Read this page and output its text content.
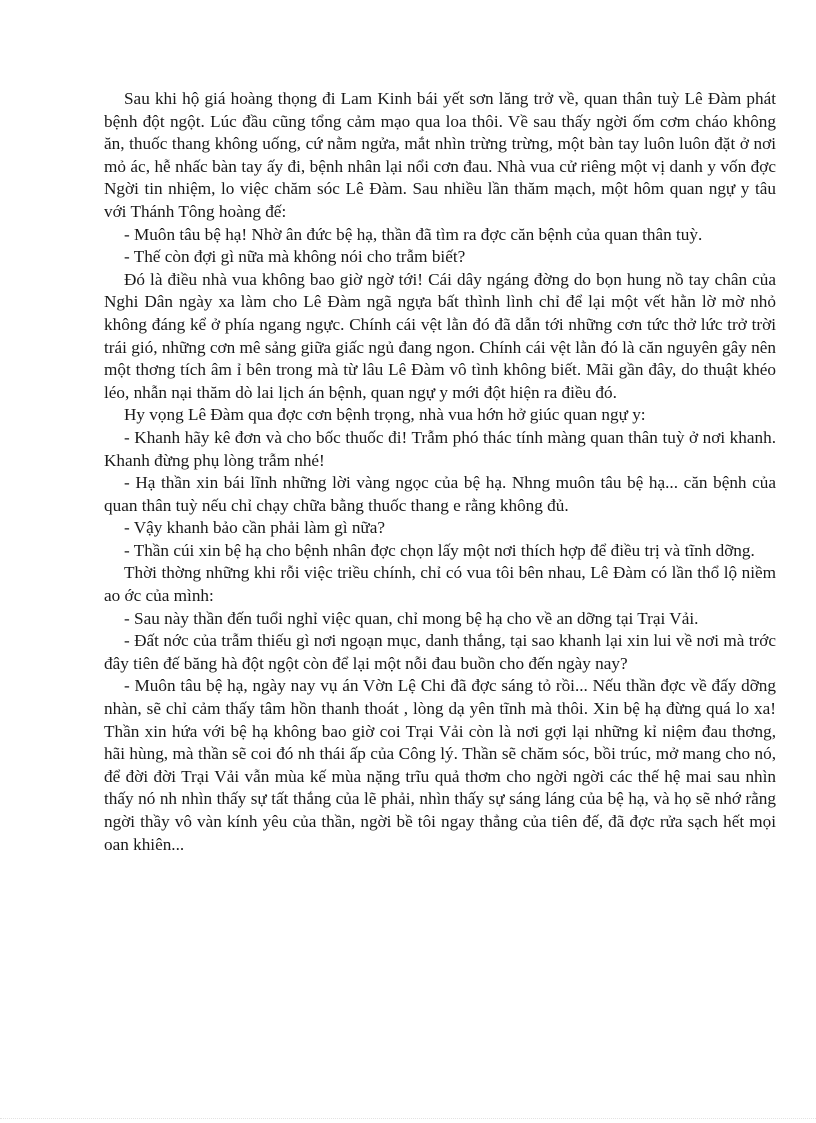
Sau khi hộ giá hoàng thọng đi Lam Kinh bái yết sơn lăng trở về, quan thân tuỳ Lê Đàm phát bệnh đột ngột. Lúc đầu cũng tổng cảm mạo qua loa thôi. Về sau thấy ngời ốm cơm cháo không ăn, thuốc thang không uống, cứ nằm ngửa, mắt nhìn trừng trừng, một bàn tay luôn luôn đặt ở nơi mỏ ác, hễ nhấc bàn tay ấy đi, bệnh nhân lại nổi cơn đau. Nhà vua cử riêng một vị danh y vốn đợc Ngời tin nhiệm, lo việc chăm sóc Lê Đàm. Sau nhiều lần thăm mạch, một hôm quan ngự y tâu với Thánh Tông hoàng đế:

- Muôn tâu bệ hạ! Nhờ ân đức bệ hạ, thần đã tìm ra đợc căn bệnh của quan thân tuỳ.

- Thế còn đợi gì nữa mà không nói cho trẫm biết?

Đó là điều nhà vua không bao giờ ngờ tới! Cái dây ngáng đờng do bọn hung nồ tay chân của Nghi Dân ngày xa làm cho Lê Đàm ngã ngựa bất thình lình chỉ để lại một vết hằn lờ mờ nhỏ không đáng kể ở phía ngang ngực. Chính cái vệt lằn đó đã dẫn tới những cơn tức thở lức trở trời trái gió, những cơn mê sảng giữa giấc ngủ đang ngon. Chính cái vệt lằn đó là căn nguyên gây nên một thơng tích âm ỉ bên trong mà từ lâu Lê Đàm vô tình không biết. Mãi gần đây, do thuật khéo léo, nhẫn nại thăm dò lai lịch án bệnh, quan ngự y mới đột hiện ra điều đó.

Hy vọng Lê Đàm qua đợc cơn bệnh trọng, nhà vua hớn hở giúc quan ngự y:

- Khanh hãy kê đơn và cho bốc thuốc đi! Trẫm phó thác tính màng quan thân tuỳ ở nơi khanh. Khanh đừng phụ lòng trẫm nhé!

- Hạ thần xin bái lĩnh những lời vàng ngọc của bệ hạ. Nhng muôn tâu bệ hạ... căn bệnh của quan thân tuỳ nếu chỉ chạy chữa bằng thuốc thang e rằng không đủ.

- Vậy khanh bảo cần phải làm gì nữa?

- Thần cúi xin bệ hạ cho bệnh nhân đợc chọn lấy một nơi thích hợp để điều trị và tĩnh dỡng.

Thời thờng những khi rỗi việc triều chính, chỉ có vua tôi bên nhau, Lê Đàm có lần thổ lộ niềm ao ớc của mình:

- Sau này thần đến tuổi nghỉ việc quan, chỉ mong bệ hạ cho về an dỡng tại Trại Vải.

- Đất nớc của trẫm thiếu gì nơi ngoạn mục, danh thắng, tại sao khanh lại xin lui về nơi mà trớc đây tiên đế băng hà đột ngột còn để lại một nỗi đau buồn cho đến ngày nay?

- Muôn tâu bệ hạ, ngày nay vụ án Vờn Lệ Chi đã đợc sáng tỏ rồi... Nếu thần đợc về đấy dỡng nhàn, sẽ chỉ cảm thấy tâm hồn thanh thoát , lòng dạ yên tĩnh mà thôi. Xin bệ hạ đừng quá lo xa! Thần xin hứa với bệ hạ không bao giờ coi Trại Vải còn là nơi gợi lại những kỉ niệm đau thơng, hãi hùng, mà thần sẽ coi đó nh thái ấp của Công lý. Thần sẽ chăm sóc, bồi trúc, mở mang cho nó, để đời đời Trại Vải vẫn mùa kế mùa nặng trĩu quả thơm cho ngời ngời các thế hệ mai sau nhìn thấy nó nh nhìn thấy sự tất thắng của lẽ phải, nhìn thấy sự sáng láng của bệ hạ, và họ sẽ nhớ rằng ngời thầy vô vàn kính yêu của thần, ngời bề tôi ngay thẳng của tiên đế, đã đợc rửa sạch hết mọi oan khiên...
